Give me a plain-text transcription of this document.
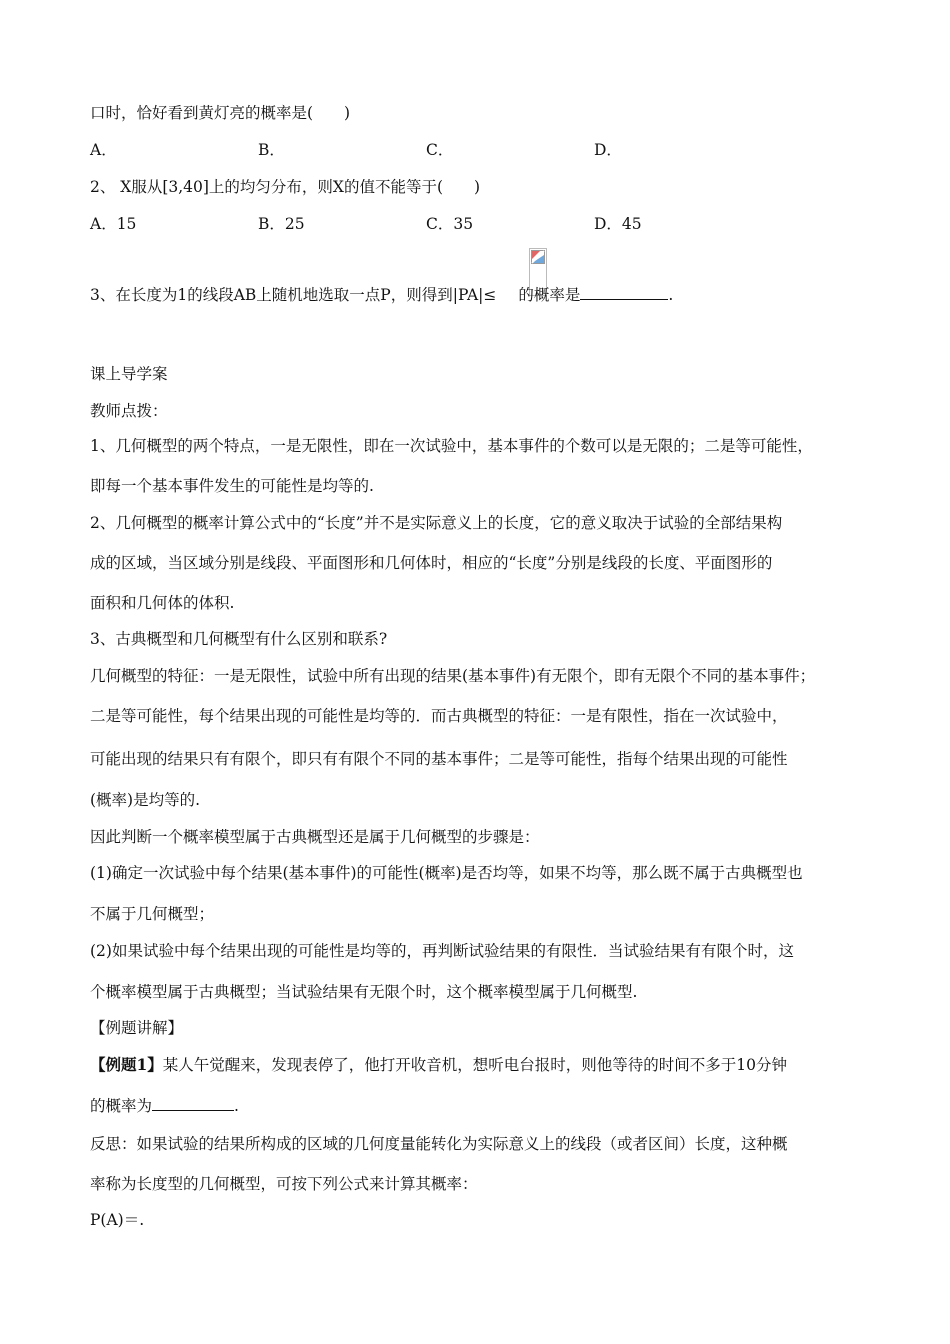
口时，恰好看到黄灯亮的概率是(　　)
A．	B．	C．	D．
2、 X服从[3,40]上的均匀分布，则X的值不能等于(　　)
A．15	B．25	C．35	D．45
3、在长度为1的线段AB上随机地选取一点P，则得到|PA|≤ 的概率是	.
课上导学案
教师点拨：
1、几何概型的两个特点，一是无限性，即在一次试验中，基本事件的个数可以是无限的；二是等可能性，
即每一个基本事件发生的可能性是均等的.
2、几何概型的概率计算公式中的“长度”并不是实际意义上的长度，它的意义取决于试验的全部结果构
成的区域，当区域分别是线段、平面图形和几何体时，相应的“长度”分别是线段的长度、平面图形的
面积和几何体的体积.
3、古典概型和几何概型有什么区别和联系?
几何概型的特征：一是无限性，试验中所有出现的结果(基本事件)有无限个，即有无限个不同的基本事件；
二是等可能性，每个结果出现的可能性是均等的．而古典概型的特征：一是有限性，指在一次试验中，
可能出现的结果只有有限个，即只有有限个不同的基本事件；二是等可能性，指每个结果出现的可能性
(概率)是均等的.
因此判断一个概率模型属于古典概型还是属于几何概型的步骤是：
(1)确定一次试验中每个结果(基本事件)的可能性(概率)是否均等，如果不均等，那么既不属于古典概型也
不属于几何概型；
(2)如果试验中每个结果出现的可能性是均等的，再判断试验结果的有限性．当试验结果有有限个时，这
个概率模型属于古典概型；当试验结果有无限个时，这个概率模型属于几何概型.
【例题讲解】
【例题1】某人午觉醒来，发现表停了，他打开收音机，想听电台报时，则他等待的时间不多于10分钟
的概率为	.
反思：如果试验的结果所构成的区域的几何度量能转化为实际意义上的线段（或者区间）长度，这种概
率称为长度型的几何概型，可按下列公式来计算其概率：
P(A)＝.
